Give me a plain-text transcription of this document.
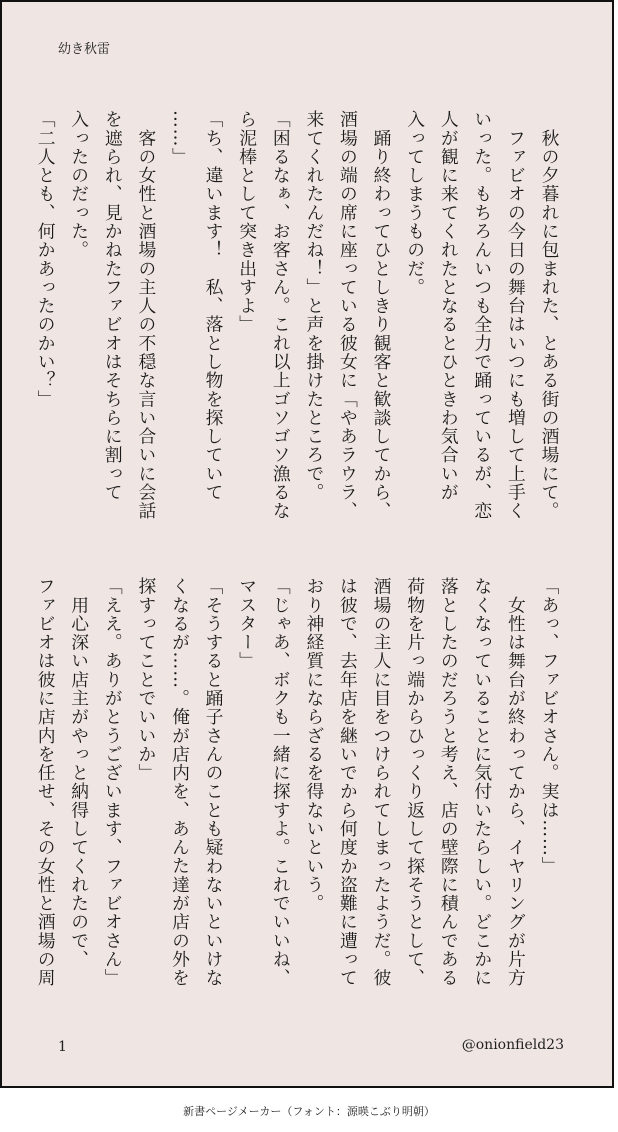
幼き秋雷
　秋の夕暮れに包まれた、とある街の酒場にて。
　ファビオの今日の舞台はいつにも増して上手く
いった。もちろんいつも全力で踊っているが、恋
人が観に来てくれたとなるとひときわ気合いが
入ってしまうものだ。
　踊り終わってひとしきり観客と歓談してから、
酒場の端の席に座っている彼女に「やあラウラ、
来てくれたんだね！」と声を掛けたところで。
「困るなぁ、お客さん。これ以上ゴソゴソ漁るな
ら泥棒として突き出すよ」
「ち、違います！　私、落とし物を探していて
……」
　客の女性と酒場の主人の不穏な言い合いに会話
を遮られ、見かねたファビオはそちらに割って
入ったのだった。
「二人とも、何かあったのかい？」
「あっ、ファビオさん。実は……」
　女性は舞台が終わってから、イヤリングが片方
なくなっていることに気付いたらしい。どこかに
落としたのだろうと考え、店の壁際に積んである
荷物を片っ端からひっくり返して探そうとして、
酒場の主人に目をつけられてしまったようだ。彼
は彼で、去年店を継いでから何度か盗難に遭って
おり神経質にならざるを得ないという。
「じゃあ、ボクも一緒に探すよ。これでいいね、
マスター」
「そうすると踊子さんのことも疑わないといけな
くなるが……。俺が店内を、あんた達が店の外を
探すってことでいいか」
「ええ。ありがとうございます、ファビオさん」
　用心深い店主がやっと納得してくれたので、
ファビオは彼に店内を任せ、その女性と酒場の周
1	@onionfield23
新書ページメーカー（フォント：源暎こぶり明朝）
